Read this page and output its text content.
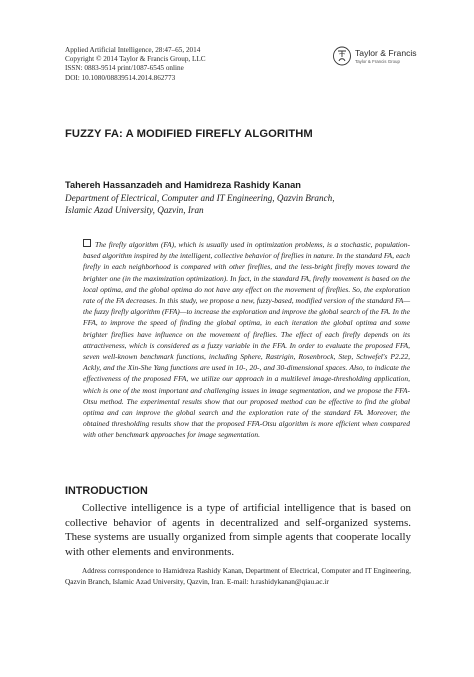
Applied Artificial Intelligence, 28:47–65, 2014
Copyright © 2014 Taylor & Francis Group, LLC
ISSN: 0883-9514 print/1087-6545 online
DOI: 10.1080/08839514.2014.862773
Taylor & Francis
Taylor & Francis Group
FUZZY FA: A MODIFIED FIREFLY ALGORITHM
Tahereh Hassanzadeh and Hamidreza Rashidy Kanan
Department of Electrical, Computer and IT Engineering, Qazvin Branch,
Islamic Azad University, Qazvin, Iran
The firefly algorithm (FA), which is usually used in optimization problems, is a stochastic, population-based algorithm inspired by the intelligent, collective behavior of fireflies in nature. In the standard FA, each firefly in each neighborhood is compared with other fireflies, and the less-bright firefly moves toward the brighter one (in the maximization optimization). In fact, in the standard FA, firefly movement is based on the local optima, and the global optima do not have any effect on the movement of fireflies. So, the exploration rate of the FA decreases. In this study, we propose a new, fuzzy-based, modified version of the standard FA—the fuzzy firefly algorithm (FFA)—to increase the exploration and improve the global search of the FA. In the FFA, to improve the speed of finding the global optima, in each iteration the global optima and some brighter fireflies have influence on the movement of fireflies. The effect of each firefly depends on its attractiveness, which is considered as a fuzzy variable in the FFA. In order to evaluate the proposed FFA, seven well-known benchmark functions, including Sphere, Rastrigin, Rosenbrock, Step, Schwefel's P2.22, Ackly, and the Xin-She Yang functions are used in 10-, 20-, and 30-dimensional spaces. Also, to indicate the effectiveness of the proposed FFA, we utilize our approach in a multilevel image-thresholding application, which is one of the most important and challenging issues in image segmentation, and we propose the FFA-Otsu method. The experimental results show that our proposed method can be effective to find the global optima and can improve the global search and the exploration rate of the standard FA. Moreover, the obtained thresholding results show that the proposed FFA-Otsu algorithm is more efficient when compared with other benchmark approaches for image segmentation.
INTRODUCTION
Collective intelligence is a type of artificial intelligence that is based on collective behavior of agents in decentralized and self-organized systems. These systems are usually organized from simple agents that cooperate locally with other elements and environments.
Address correspondence to Hamidreza Rashidy Kanan, Department of Electrical, Computer and IT Engineering, Qazvin Branch, Islamic Azad University, Qazvin, Iran. E-mail: h.rashidykanan@qiau.ac.ir
